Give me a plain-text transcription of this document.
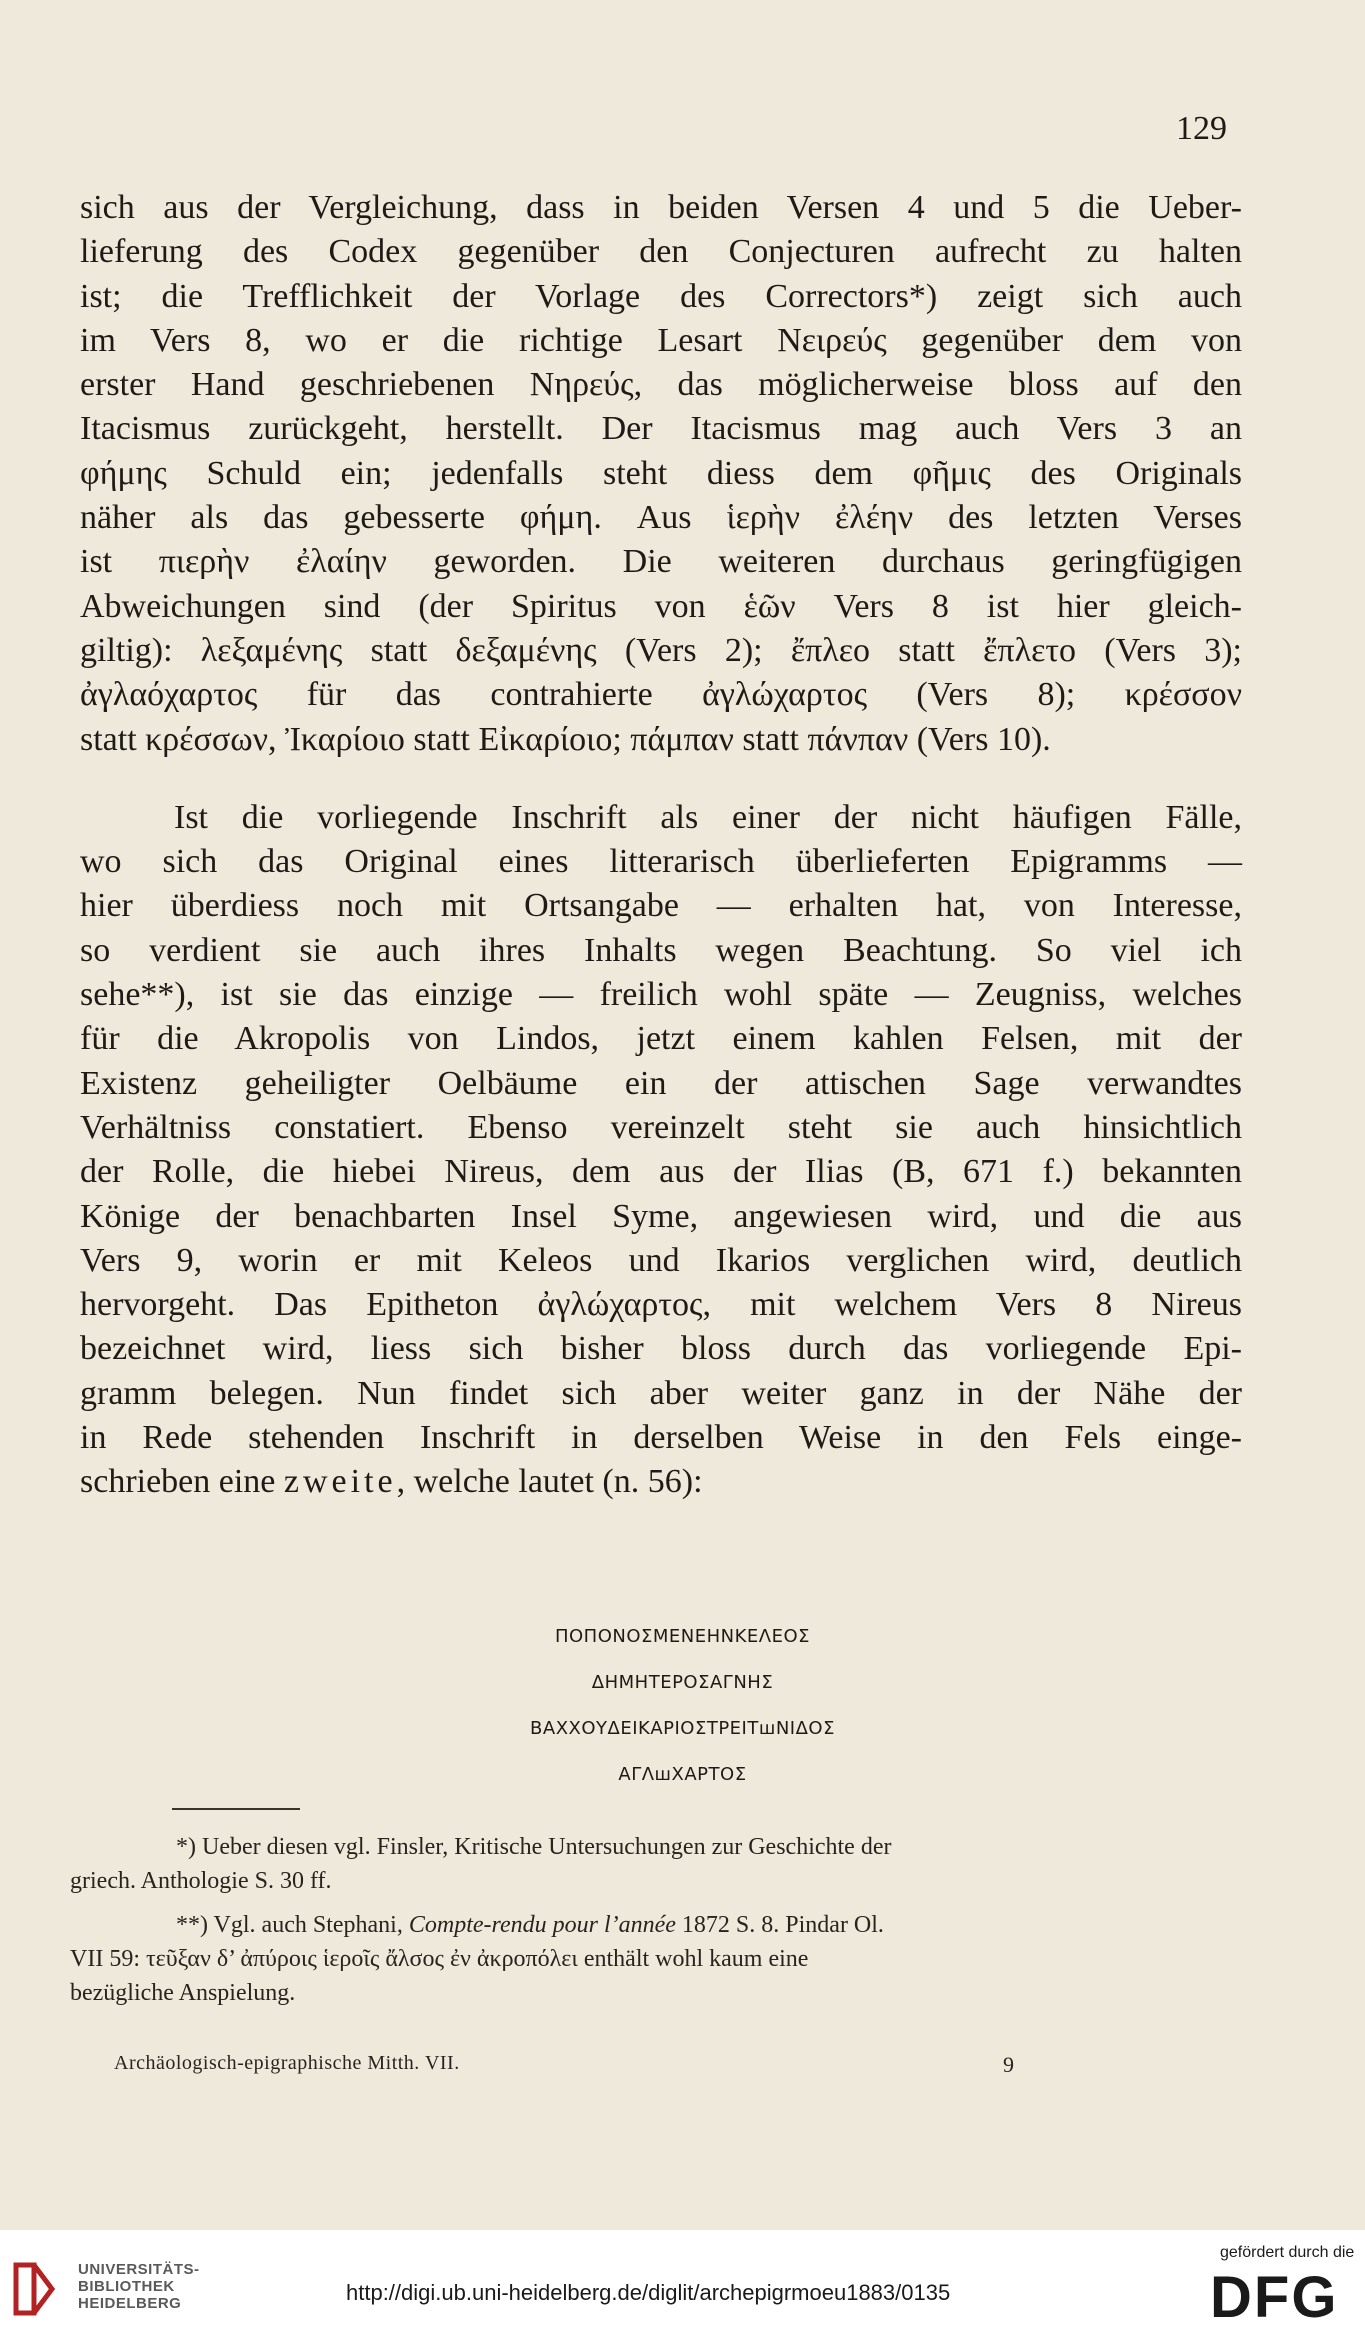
129

sich aus der Vergleichung, dass in beiden Versen 4 und 5 die Ueber-
lieferung des Codex gegenüber den Conjecturen aufrecht zu halten
ist; die Trefflichkeit der Vorlage des Correctors*) zeigt sich auch
im Vers 8, wo er die richtige Lesart Νειρεύς gegenüber dem von
erster Hand geschriebenen Νηρεύς, das möglicherweise bloss auf den
Itacismus zurückgeht, herstellt. Der Itacismus mag auch Vers 3 an
φήμης Schuld ein; jedenfalls steht diess dem φῆμις des Originals
näher als das gebesserte φήμη. Aus ἱερὴν ἐλέην des letzten Verses
ist πιερὴν ἐλαίην geworden. Die weiteren durchaus geringfügigen
Abweichungen sind (der Spiritus von ἑῶν Vers 8 ist hier gleich-
giltig): λεξαμένης statt δεξαμένης (Vers 2); ἔπλεο statt ἔπλετο (Vers 3);
ἀγλαόχαρτος für das contrahierte ἀγλώχαρτος (Vers 8); κρέσσον
statt κρέσσων, Ἰκαρίοιο statt Εἰκαρίοιο; πάμπαν statt πάνπαν (Vers 10).

Ist die vorliegende Inschrift als einer der nicht häufigen Fälle,
wo sich das Original eines litterarisch überlieferten Epigramms —
hier überdiess noch mit Ortsangabe — erhalten hat, von Interesse,
so verdient sie auch ihres Inhalts wegen Beachtung. So viel ich
sehe**), ist sie das einzige — freilich wohl späte — Zeugniss, welches
für die Akropolis von Lindos, jetzt einem kahlen Felsen, mit der
Existenz geheiligter Oelbäume ein der attischen Sage verwandtes
Verhältniss constatiert. Ebenso vereinzelt steht sie auch hinsichtlich
der Rolle, die hiebei Nireus, dem aus der Ilias (B, 671 f.) bekannten
Könige der benachbarten Insel Syme, angewiesen wird, und die aus
Vers 9, worin er mit Keleos und Ikarios verglichen wird, deutlich
hervorgeht. Das Epitheton ἀγλώχαρτος, mit welchem Vers 8 Nireus
bezeichnet wird, liess sich bisher bloss durch das vorliegende Epi-
gramm belegen. Nun findet sich aber weiter ganz in der Nähe der
in Rede stehenden Inschrift in derselben Weise in den Fels einge-
schrieben eine zweite, welche lautet (n. 56):

ΠΟΠΟΝΟΣΜΕΝΕΗΝΚΕΛΕΟΣ
ΔΗΜΗΤΕΡΟΣΑΓΝΗΣ
ΒΑΧΧΟΥΔΕΙΚΑΡΙΟΣΤΡΕΙΤꟺΝΙΔΟΣ
ΑΓΛꟺΧΑΡΤΟΣ

*) Ueber diesen vgl. Finsler, Kritische Untersuchungen zur Geschichte der
griech. Anthologie S. 30 ff.

**) Vgl. auch Stephani, Compte-rendu pour l’année 1872 S. 8. Pindar Ol.
VII 59: τεῦξαν δ’ ἀπύροις ἱεροῖς ἄλσος ἐν ἀκροπόλει enthält wohl kaum eine
bezügliche Anspielung.

Archäologisch-epigraphische Mitth. VII.	9
UNIVERSITÄTS-
BIBLIOTHEK
HEIDELBERG	http://digi.ub.uni-heidelberg.de/diglit/archepigrmoeu1883/0135
gefördert durch die
DFG
